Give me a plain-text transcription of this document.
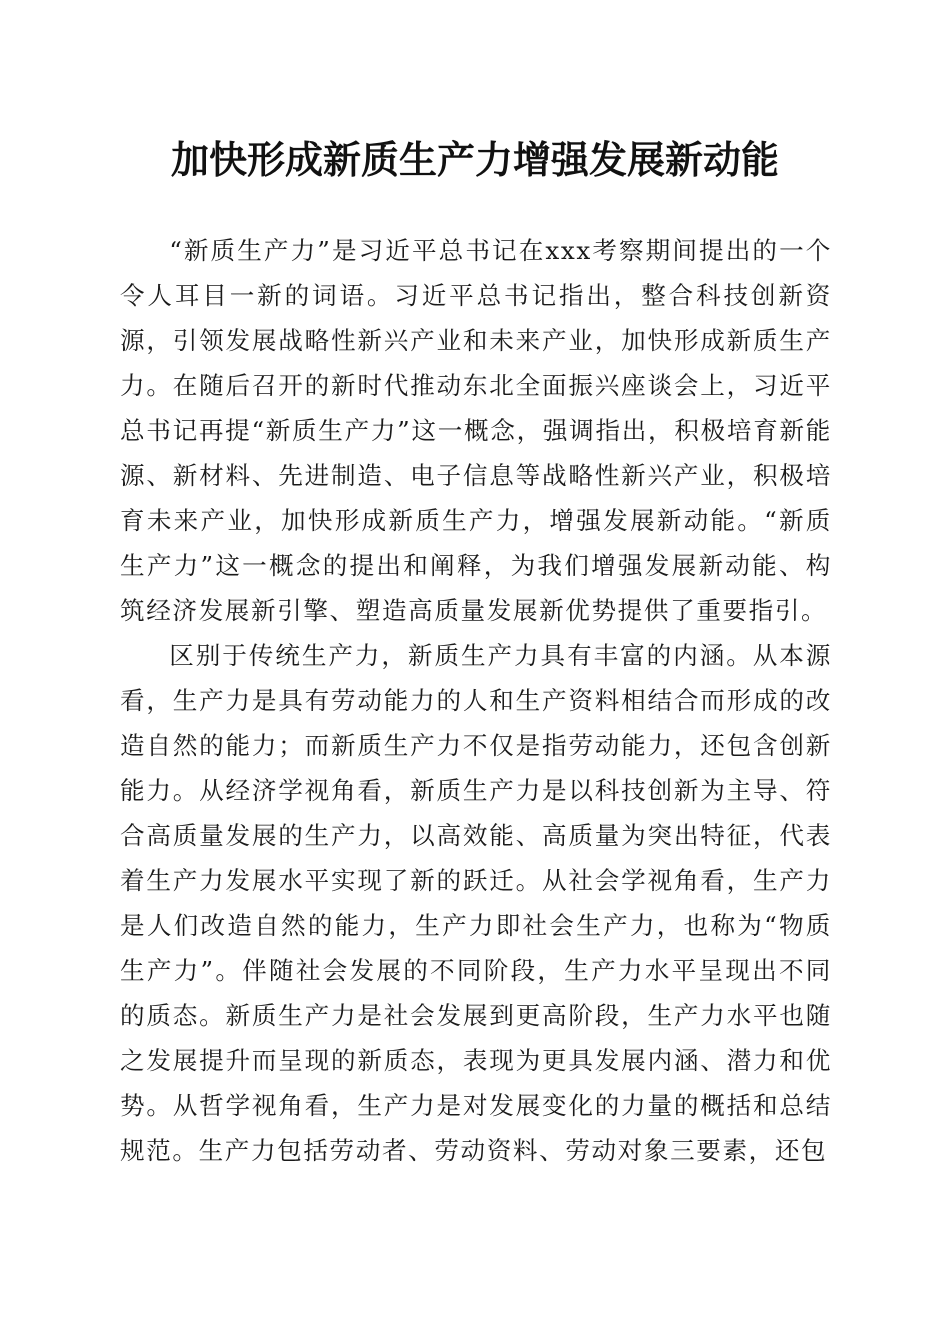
加快形成新质生产力增强发展新动能

“新质生产力”是习近平总书记在xxx考察期间提出的一个令人耳目一新的词语。习近平总书记指出，整合科技创新资源，引领发展战略性新兴产业和未来产业，加快形成新质生产力。在随后召开的新时代推动东北全面振兴座谈会上，习近平总书记再提“新质生产力”这一概念，强调指出，积极培育新能源、新材料、先进制造、电子信息等战略性新兴产业，积极培育未来产业，加快形成新质生产力，增强发展新动能。“新质生产力”这一概念的提出和阐释，为我们增强发展新动能、构筑经济发展新引擎、塑造高质量发展新优势提供了重要指引。

区别于传统生产力，新质生产力具有丰富的内涵。从本源看，生产力是具有劳动能力的人和生产资料相结合而形成的改造自然的能力；而新质生产力不仅是指劳动能力，还包含创新能力。从经济学视角看，新质生产力是以科技创新为主导、符合高质量发展的生产力，以高效能、高质量为突出特征，代表着生产力发展水平实现了新的跃迁。从社会学视角看，生产力是人们改造自然的能力，生产力即社会生产力，也称为“物质生产力”。伴随社会发展的不同阶段，生产力水平呈现出不同的质态。新质生产力是社会发展到更高阶段，生产力水平也随之发展提升而呈现的新质态，表现为更具发展内涵、潜力和优势。从哲学视角看，生产力是对发展变化的力量的概括和总结规范。生产力包括劳动者、劳动资料、劳动对象三要素，还包
